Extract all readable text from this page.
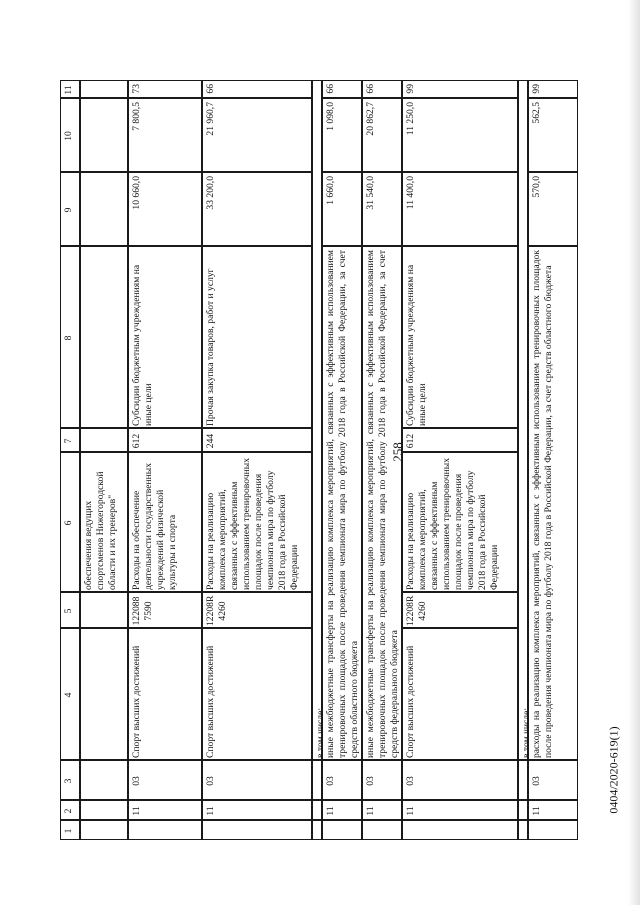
258
0404/2020-619(1)
1
2
3
4
5
6
7
8
9
10
11
обеспечения ведущих спортсменов Нижегородской области и их тренеров"
11
03
Спорт высших достижений
122088 7590
Расходы на обеспечение деятельности государственных учреждений физической культуры и спорта
612
Субсидии бюджетным учреждениям на иные цели
10 660,0
7 800,5
73
11
03
Спорт высших достижений
12208R 4260
Расходы на реализацию комплекса мероприятий, связанных с эффективным использованием тренировочных площадок после проведения чемпионата мира по футболу 2018 года в Российской Федерации
244
Прочая закупка товаров, работ и услуг
33 200,0
21 960,7
66
в том числе:
11
03
иные межбюджетные трансферты на реализацию комплекса мероприятий, связанных с эффективным использованием тренировочных площадок после проведения чемпионата мира по футболу 2018 года в Российской Федерации, за счет средств областного бюджета
1 660,0
1 098,0
66
11
03
иные межбюджетные трансферты на реализацию комплекса мероприятий, связанных с эффективным использованием тренировочных площадок после проведения чемпионата мира по футболу 2018 года в Российской Федерации, за счет средств федерального бюджета
31 540,0
20 862,7
66
11
03
Спорт высших достижений
12208R 4260
Расходы на реализацию комплекса мероприятий, связанных с эффективным использованием тренировочных площадок после проведения чемпионата мира по футболу 2018 года в Российской Федерации
612
Субсидии бюджетным учреждениям на иные цели
11 400,0
11 250,0
99
в том числе:
11
03
расходы на реализацию комплекса мероприятий, связанных с эффективным использованием тренировочных площадок после проведения чемпионата мира по футболу 2018 года в Российской Федерации, за счет средств областного бюджета
570,0
562,5
99
